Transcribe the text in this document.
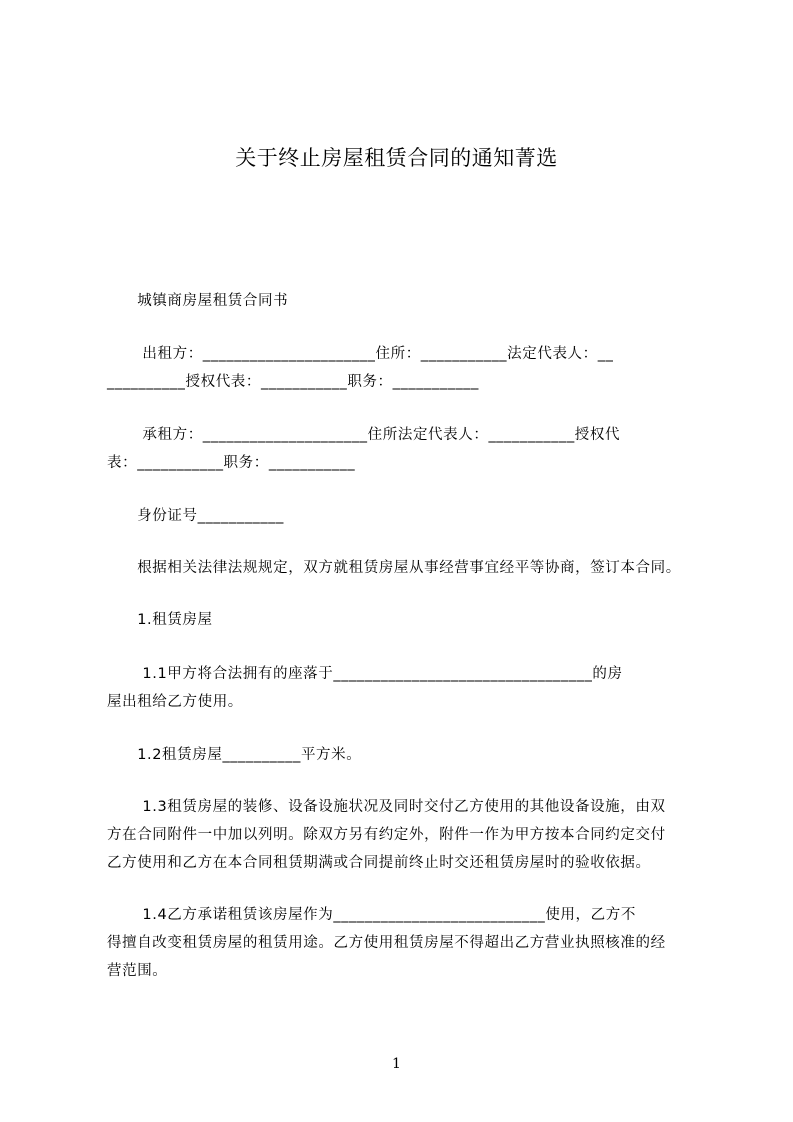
关于终止房屋租赁合同的通知菁选
　　城镇商房屋租赁合同书
　　 出租方：______________________住所：___________法定代表人：__
__________授权代表：___________职务：___________
　　 承租方：_____________________住所法定代表人：___________授权代
表：___________职务：___________
　　身份证号___________
　　根据相关法律法规规定，双方就租赁房屋从事经营事宜经平等协商，签订本合同。
　　1.租赁房屋
　　 1.1甲方将合法拥有的座落于_________________________________的房
屋出租给乙方使用。
　　1.2租赁房屋__________平方米。
　　 1.3租赁房屋的装修、设备设施状况及同时交付乙方使用的其他设备设施，由双
方在合同附件一中加以列明。除双方另有约定外，附件一作为甲方按本合同约定交付
乙方使用和乙方在本合同租赁期满或合同提前终止时交还租赁房屋时的验收依据。
　　 1.4乙方承诺租赁该房屋作为___________________________使用，乙方不
得擅自改变租赁房屋的租赁用途。乙方使用租赁房屋不得超出乙方营业执照核准的经
营范围。
1
